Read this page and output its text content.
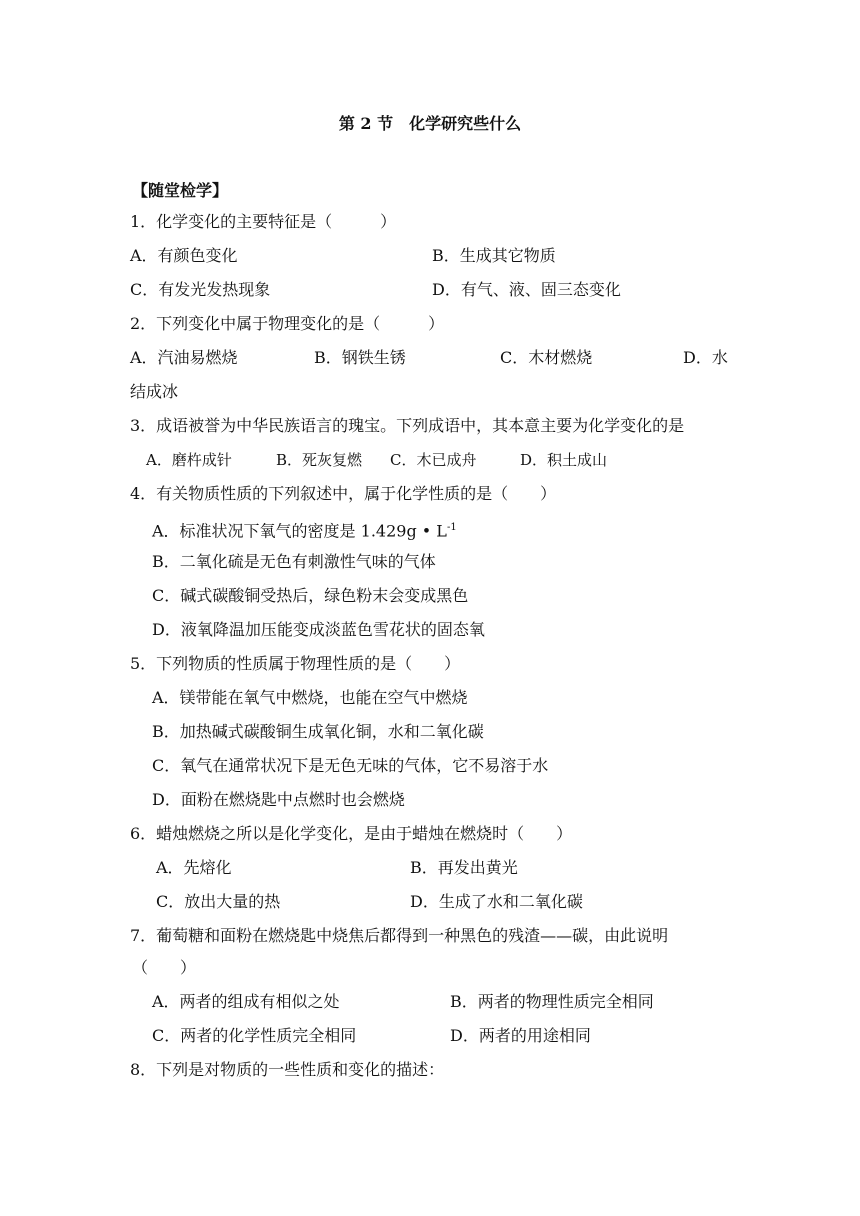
第 2 节　化学研究些什么
【随堂检学】
1．化学变化的主要特征是（　　　）
A．有颜色变化	B．生成其它物质
C．有发光发热现象	D．有气、液、固三态变化
2．下列变化中属于物理变化的是（　　　）
A．汽油易燃烧	B．钢铁生锈	C．木材燃烧	D．水
结成冰
3．成语被誉为中华民族语言的瑰宝。下列成语中，其本意主要为化学变化的是
A．磨杵成针	B．死灰复燃 C．木已成舟	D．积土成山
4．有关物质性质的下列叙述中，属于化学性质的是（　　）
A．标准状况下氧气的密度是 1.429g • $L^{-1}$
B．二氧化硫是无色有刺激性气味的气体
C．碱式碳酸铜受热后，绿色粉末会变成黑色
D．液氧降温加压能变成淡蓝色雪花状的固态氧
5．下列物质的性质属于物理性质的是（　　）
A．镁带能在氧气中燃烧，也能在空气中燃烧
B．加热碱式碳酸铜生成氧化铜，水和二氧化碳
C．氧气在通常状况下是无色无味的气体，它不易溶于水
D．面粉在燃烧匙中点燃时也会燃烧
6．蜡烛燃烧之所以是化学变化，是由于蜡烛在燃烧时（　　）
A．先熔化	B．再发出黄光
C．放出大量的热	D．生成了水和二氧化碳
7．葡萄糖和面粉在燃烧匙中烧焦后都得到一种黑色的残渣——碳，由此说明
（　　）
A．两者的组成有相似之处	B．两者的物理性质完全相同
C．两者的化学性质完全相同	D．两者的用途相同
8．下列是对物质的一些性质和变化的描述：
